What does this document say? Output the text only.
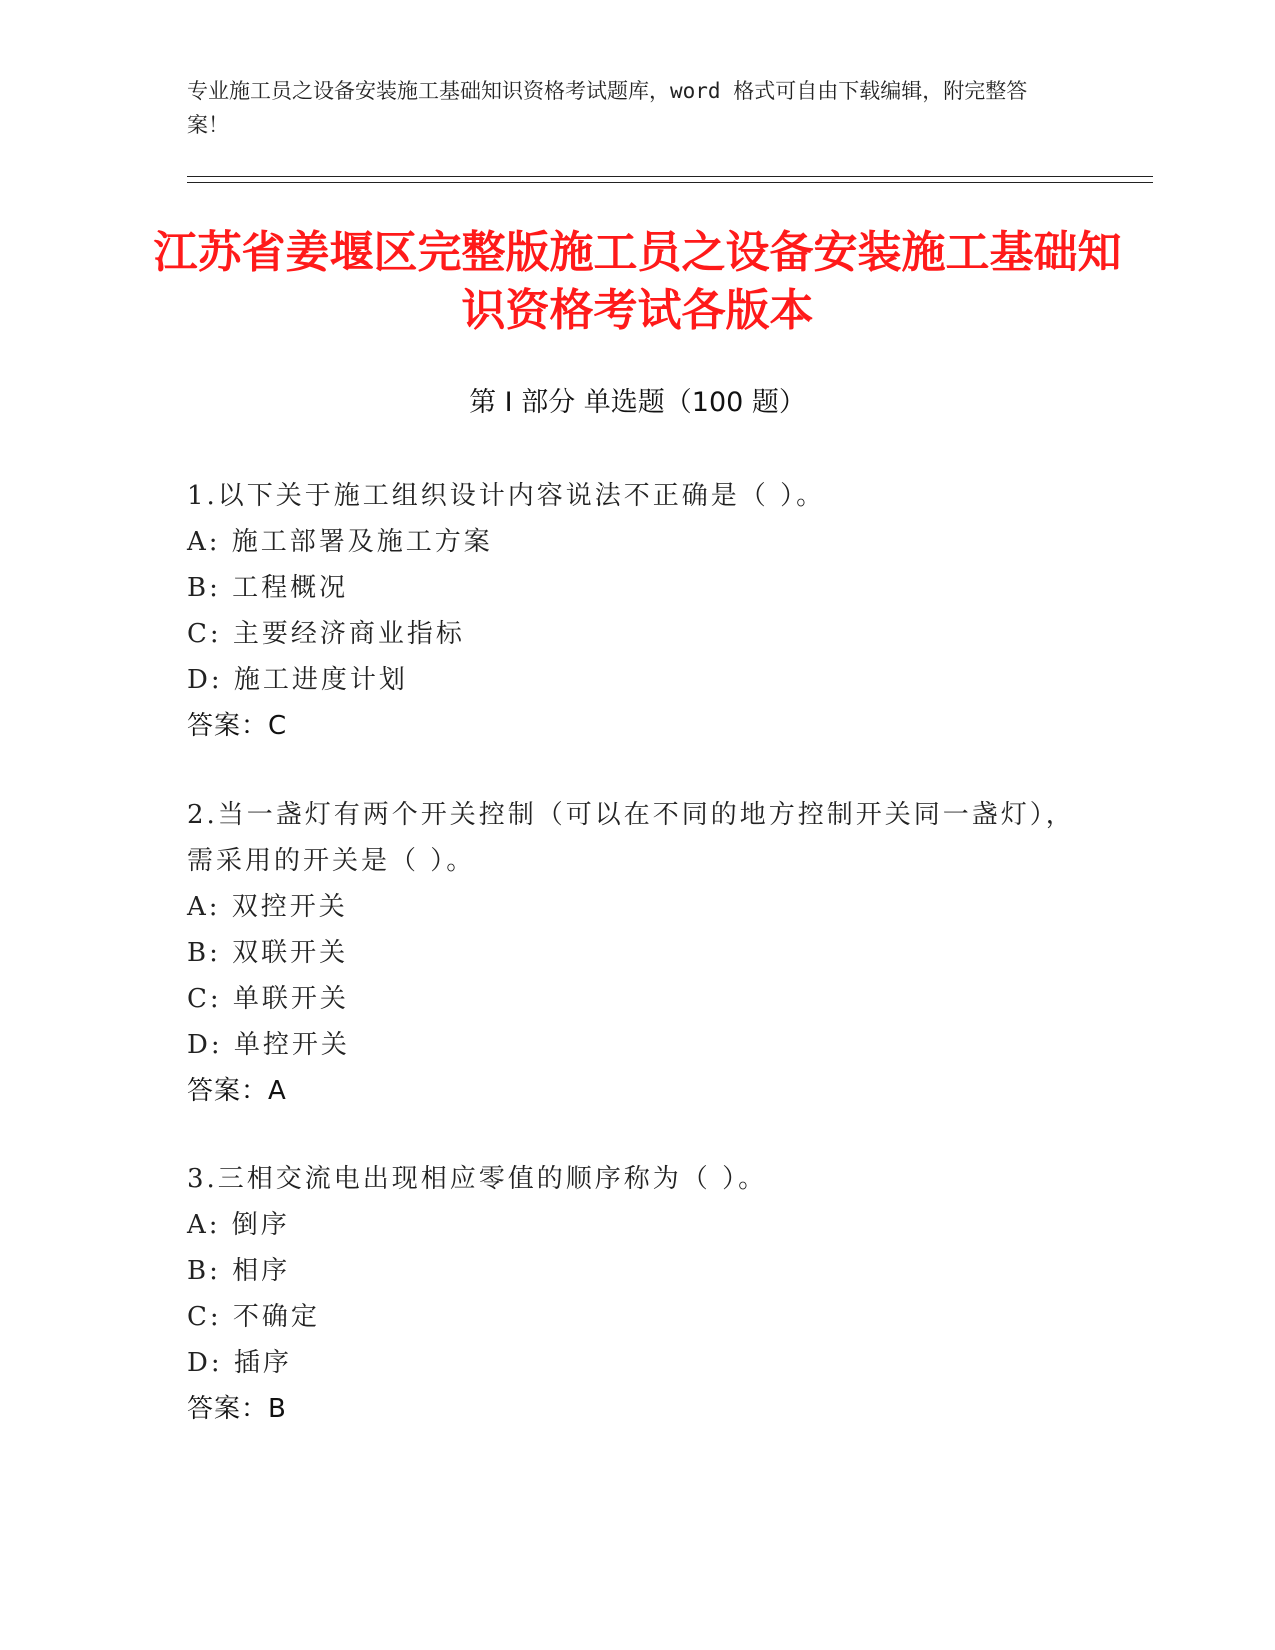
专业施工员之设备安装施工基础知识资格考试题库，word 格式可自由下载编辑，附完整答案！
江苏省姜堰区完整版施工员之设备安装施工基础知识资格考试各版本
第 I 部分 单选题（100 题）
1.以下关于施工组织设计内容说法不正确是（ ）。
A: 施工部署及施工方案
B: 工程概况
C: 主要经济商业指标
D: 施工进度计划
答案：C
2.当一盏灯有两个开关控制（可以在不同的地方控制开关同一盏灯），需采用的开关是（ ）。
A: 双控开关
B: 双联开关
C: 单联开关
D: 单控开关
答案：A
3.三相交流电出现相应零值的顺序称为（ ）。
A: 倒序
B: 相序
C: 不确定
D: 插序
答案：B
